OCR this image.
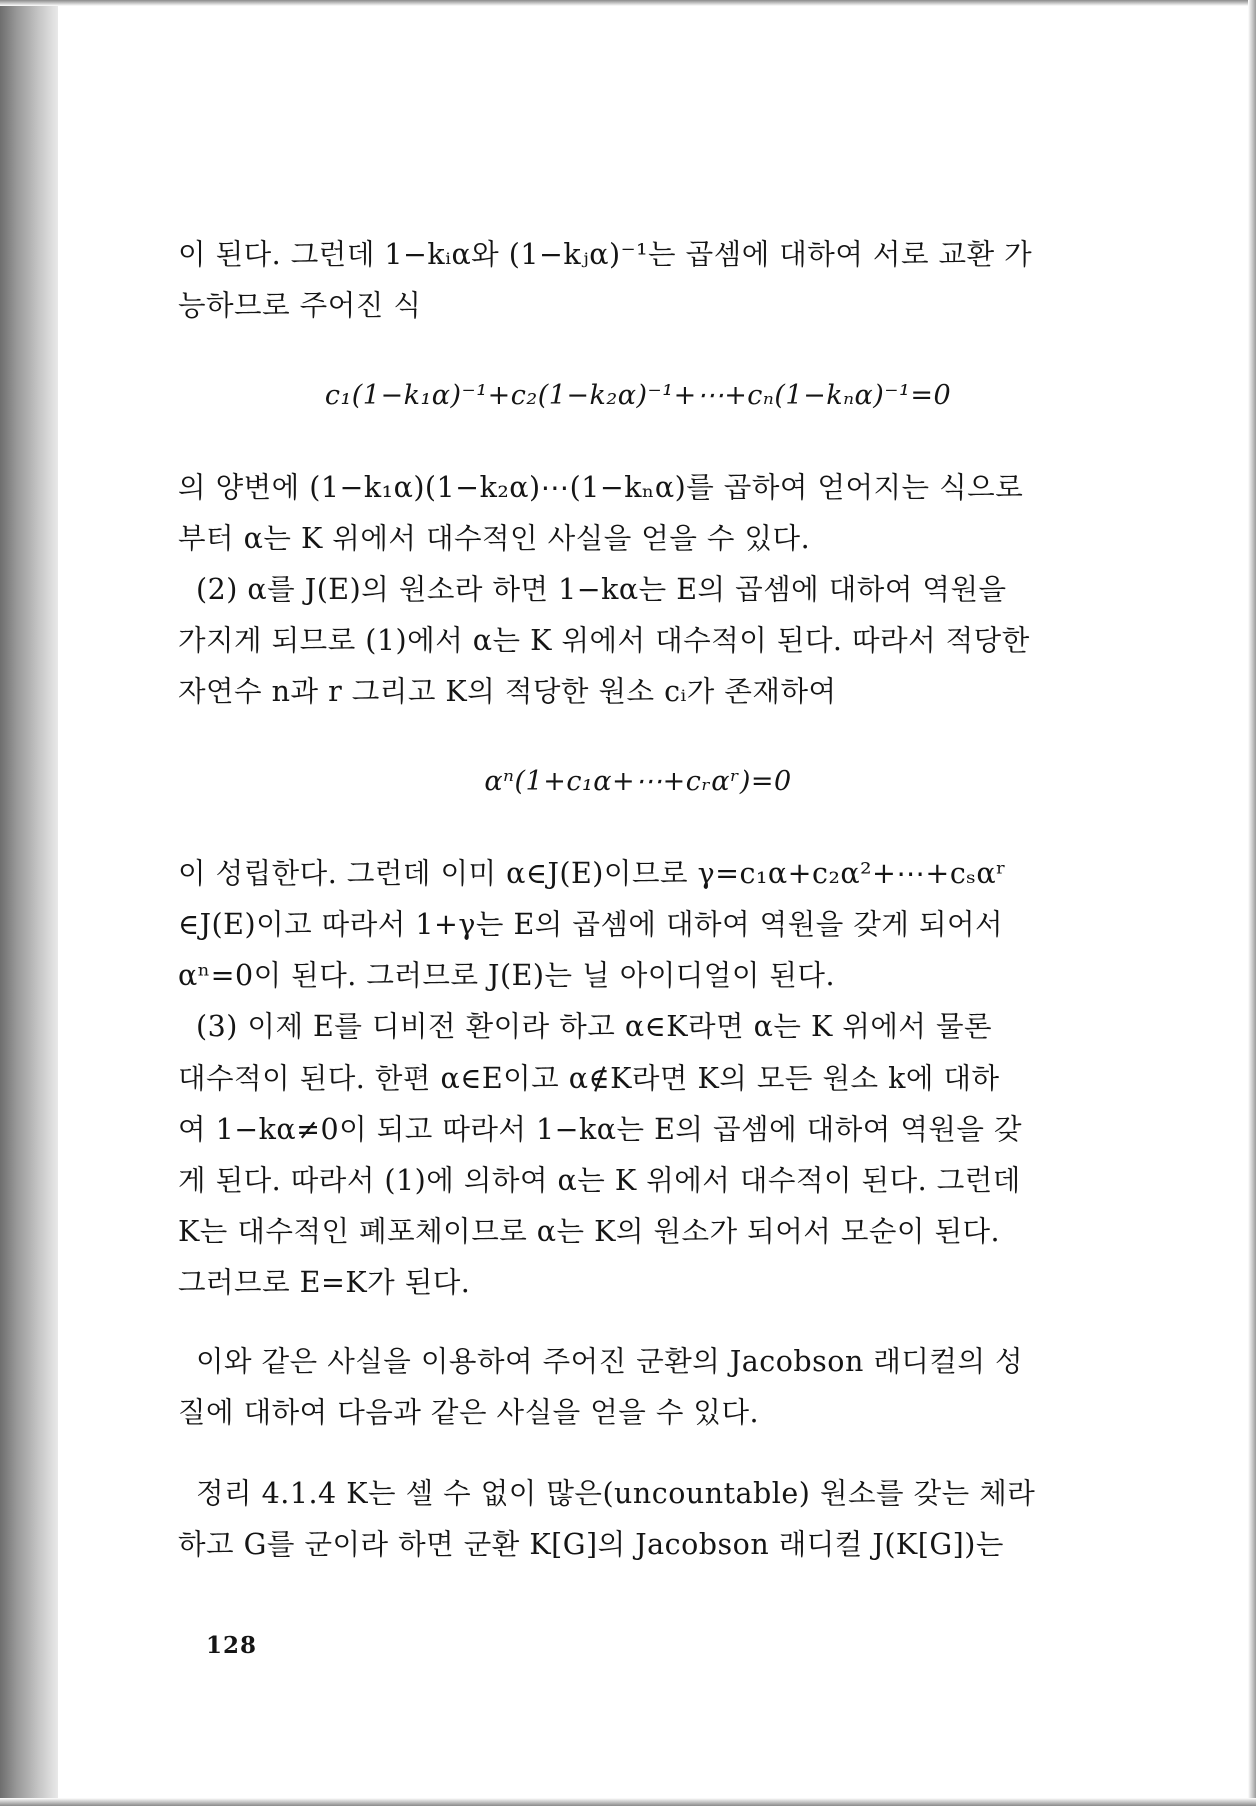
이 된다. 그런데 1−kᵢα와 (1−kⱼα)⁻¹는 곱셈에 대하여 서로 교환 가
능하므로 주어진 식
c₁(1−k₁α)⁻¹+c₂(1−k₂α)⁻¹+⋯+cₙ(1−kₙα)⁻¹=0
의 양변에 (1−k₁α)(1−k₂α)⋯(1−kₙα)를 곱하여 얻어지는 식으로
부터 α는 K 위에서 대수적인 사실을 얻을 수 있다.
(2) α를 J(E)의 원소라 하면 1−kα는 E의 곱셈에 대하여 역원을
가지게 되므로 (1)에서 α는 K 위에서 대수적이 된다. 따라서 적당한
자연수 n과 r 그리고 K의 적당한 원소 cᵢ가 존재하여
αⁿ(1+c₁α+⋯+cᵣαʳ)=0
이 성립한다. 그런데 이미 α∈J(E)이므로 γ=c₁α+c₂α²+⋯+cₛαʳ
∈J(E)이고 따라서 1+γ는 E의 곱셈에 대하여 역원을 갖게 되어서
αⁿ=0이 된다. 그러므로 J(E)는 닐 아이디얼이 된다.
(3) 이제 E를 디비전 환이라 하고 α∈K라면 α는 K 위에서 물론
대수적이 된다. 한편 α∈E이고 α∉K라면 K의 모든 원소 k에 대하
여 1−kα≠0이 되고 따라서 1−kα는 E의 곱셈에 대하여 역원을 갖
게 된다. 따라서 (1)에 의하여 α는 K 위에서 대수적이 된다. 그런데
K는 대수적인 폐포체이므로 α는 K의 원소가 되어서 모순이 된다.
그러므로 E=K가 된다.
이와 같은 사실을 이용하여 주어진 군환의 Jacobson 래디컬의 성
질에 대하여 다음과 같은 사실을 얻을 수 있다.
정리 4.1.4 K는 셀 수 없이 많은(uncountable) 원소를 갖는 체라
하고 G를 군이라 하면 군환 K[G]의 Jacobson 래디컬 J(K[G])는
128
